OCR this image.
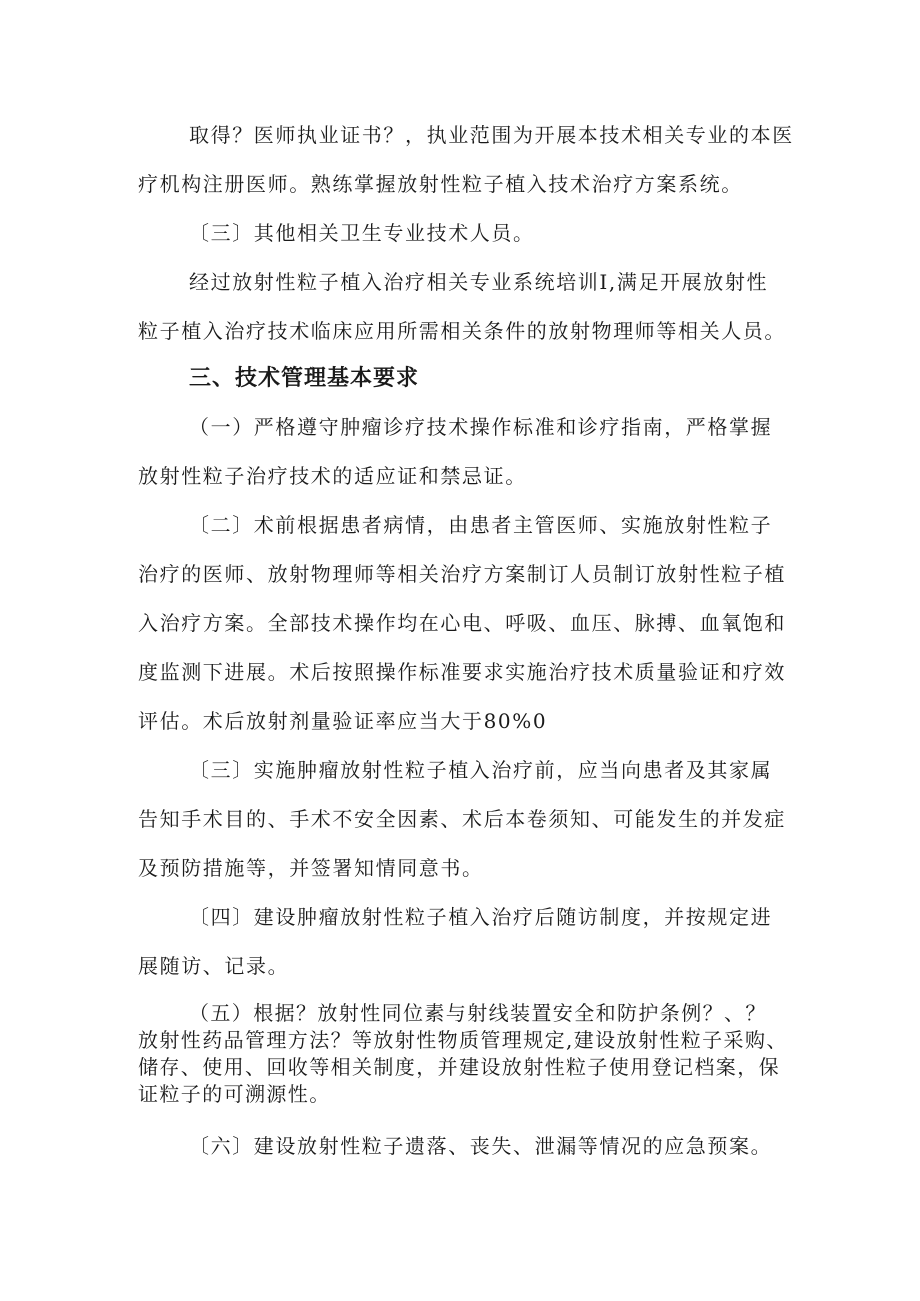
取得？医师执业证书？，执业范围为开展本技术相关专业的本医
疗机构注册医师。熟练掌握放射性粒子植入技术治疗方案系统。
〔三〕其他相关卫生专业技术人员。
经过放射性粒子植入治疗相关专业系统培训Ⅰ,满足开展放射性
粒子植入治疗技术临床应用所需相关条件的放射物理师等相关人员。
三、技术管理基本要求
（一）严格遵守肿瘤诊疗技术操作标准和诊疗指南，严格掌握
放射性粒子治疗技术的适应证和禁忌证。
〔二〕术前根据患者病情，由患者主管医师、实施放射性粒子
治疗的医师、放射物理师等相关治疗方案制订人员制订放射性粒子植
入治疗方案。全部技术操作均在心电、呼吸、血压、脉搏、血氧饱和
度监测下进展。术后按照操作标准要求实施治疗技术质量验证和疗效
评估。术后放射剂量验证率应当大于80%0
〔三〕实施肿瘤放射性粒子植入治疗前，应当向患者及其家属
告知手术目的、手术不安全因素、术后本卷须知、可能发生的并发症
及预防措施等，并签署知情同意书。
〔四〕建设肿瘤放射性粒子植入治疗后随访制度，并按规定进
展随访、记录。
（五）根据？放射性同位素与射线装置安全和防护条例？、？
放射性药品管理方法？等放射性物质管理规定,建设放射性粒子采购、
储存、使用、回收等相关制度，并建设放射性粒子使用登记档案，保
证粒子的可溯源性。
〔六〕建设放射性粒子遗落、丧失、泄漏等情况的应急预案。
